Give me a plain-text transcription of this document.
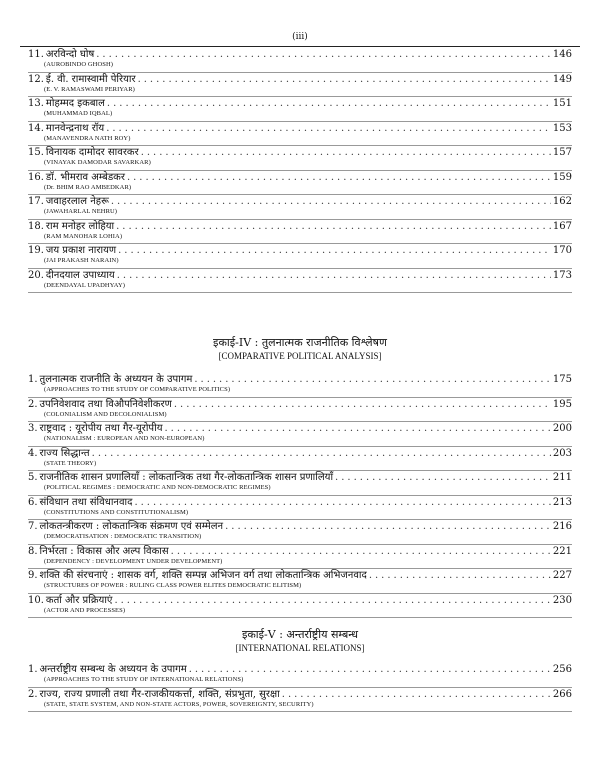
(iii)
11. अरविन्दो घोष .....	146
(AUROBINDO GHOSH)
12. ई. वी. रामास्वामी पेरियार .....	149
(E. V. RAMASWAMI PERIYAR)
13. मोहम्मद इकबाल .....	151
(MUHAMMAD IQBAL)
14. मानवेन्द्रनाथ रॉय .....	153
(MANAVENDRA NATH ROY)
15. विनायक दामोदर सावरकर .....	157
(VINAYAK DAMODAR SAVARKAR)
16. डॉ. भीमराव अम्बेडकर .....	159
(Dr. BHIM RAO AMBEDKAR)
17. जवाहरलाल नेहरू .....	162
(JAWAHARLAL NEHRU)
18. राम मनोहर लोहिया .....	167
(RAM MANOHAR LOHIA)
19. जय प्रकाश नारायण .....	170
(JAI PRAKASH NARAIN)
20. दीनदयाल उपाध्याय .....	173
(DEENDAYAL UPADHYAY)
इकाई-IV : तुलनात्मक राजनीतिक विश्लेषण
[COMPARATIVE POLITICAL ANALYSIS]
1. तुलनात्मक राजनीति के अध्ययन के उपागम .....	175
(APPROACHES TO THE STUDY OF COMPARATIVE POLITICS)
2. उपनिवेशवाद तथा विऔपनिवेशीकरण .....	195
(COLONIALISM AND DECOLONIALISM)
3. राष्ट्रवाद : यूरोपीय तथा गैर-यूरोपीय .....	200
(NATIONALISM : EUROPEAN AND NON-EUROPEAN)
4. राज्य सिद्धान्त .....	203
(STATE THEORY)
5. राजनीतिक शासन प्रणालियाँ : लोकतान्त्रिक तथा गैर-लोकतान्त्रिक शासन प्रणालियाँ .....	211
(POLITICAL REGIMES : DEMOCRATIC AND NON-DEMOCRATIC REGIMES)
6. संविधान तथा संविधानवाद .....	213
(CONSTITUTIONS AND CONSTITUTIONALISM)
7. लोकतन्त्रीकरण : लोकतान्त्रिक संक्रमण एवं सम्मेलन .....	216
(DEMOCRATISATION : DEMOCRATIC TRANSITION)
8. निर्भरता : विकास और अल्प विकास .....	221
(DEPENDENCY : DEVELOPMENT UNDER DEVELOPMENT)
9. शक्ति की संरचनाएं : शासक वर्ग, शक्ति सम्पन्न अभिजन वर्ग तथा लोकतान्त्रिक अभिजनवाद .....	227
(STRUCTURES OF POWER : RULING CLASS POWER ELITES DEMOCRATIC ELITISM)
10. कर्ता और प्रक्रियाएं .....	230
(ACTOR AND PROCESSES)
इकाई-V : अन्तर्राष्ट्रीय सम्बन्ध
[INTERNATIONAL RELATIONS]
1. अन्तर्राष्ट्रीय सम्बन्ध के अध्ययन के उपागम .....	256
(APPROACHES TO THE STUDY OF INTERNATIONAL RELATIONS)
2. राज्य, राज्य प्रणाली तथा गैर-राजकीयकर्त्ता, शक्ति, संप्रभुता, सुरक्षा .....	266
(STATE, STATE SYSTEM, AND NON-STATE ACTORS, POWER, SOVEREIGNTY, SECURITY)
